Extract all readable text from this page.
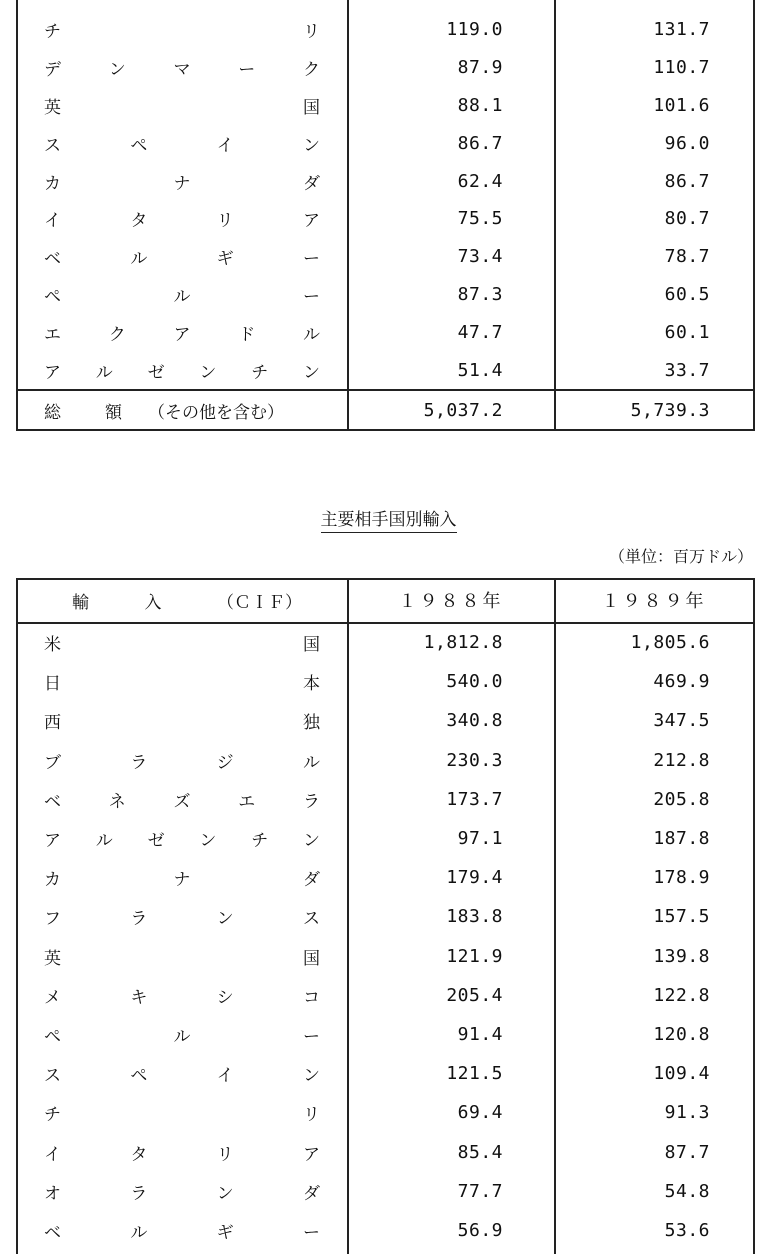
チ	リ	119.0	131.7
デ	ン	マ	ー	ク	87.9	110.7
英	国	88.1	101.6
ス	ペ	イ	ン	86.7	96.0
カ	ナ	ダ	62.4	86.7
イ	タ	リ	ア	75.5	80.7
ベ	ル	ギ	ー	73.4	78.7
ペ	ル	ー	87.3	60.5
エ	ク	ア	ド	ル	47.7	60.1
ア ル ゼ ン チ ン	51.4	33.7
総	額 （その他を含む）	5,037.2	5,739.3
主要相手国別輸入
（単位：百万ドル）
輸	入	（ＣＩＦ）	１９８８年	１９８９年
米	国	1,812.8	1,805.6
日	本	540.0	469.9
西	独	340.8	347.5
ブ	ラ	ジ	ル	230.3	212.8
ベ	ネ	ズ	エ	ラ	173.7	205.8
ア ル ゼ ン チ ン	97.1	187.8
カ	ナ	ダ	179.4	178.9
フ	ラ	ン	ス	183.8	157.5
英	国	121.9	139.8
メ	キ	シ	コ	205.4	122.8
ペ	ル	ー	91.4	120.8
ス	ペ	イ	ン	121.5	109.4
チ	リ	69.4	91.3
イ	タ	リ	ア	85.4	87.7
オ	ラ	ン	ダ	77.7	54.8
ベ	ル	ギ	ー	56.9	53.6
